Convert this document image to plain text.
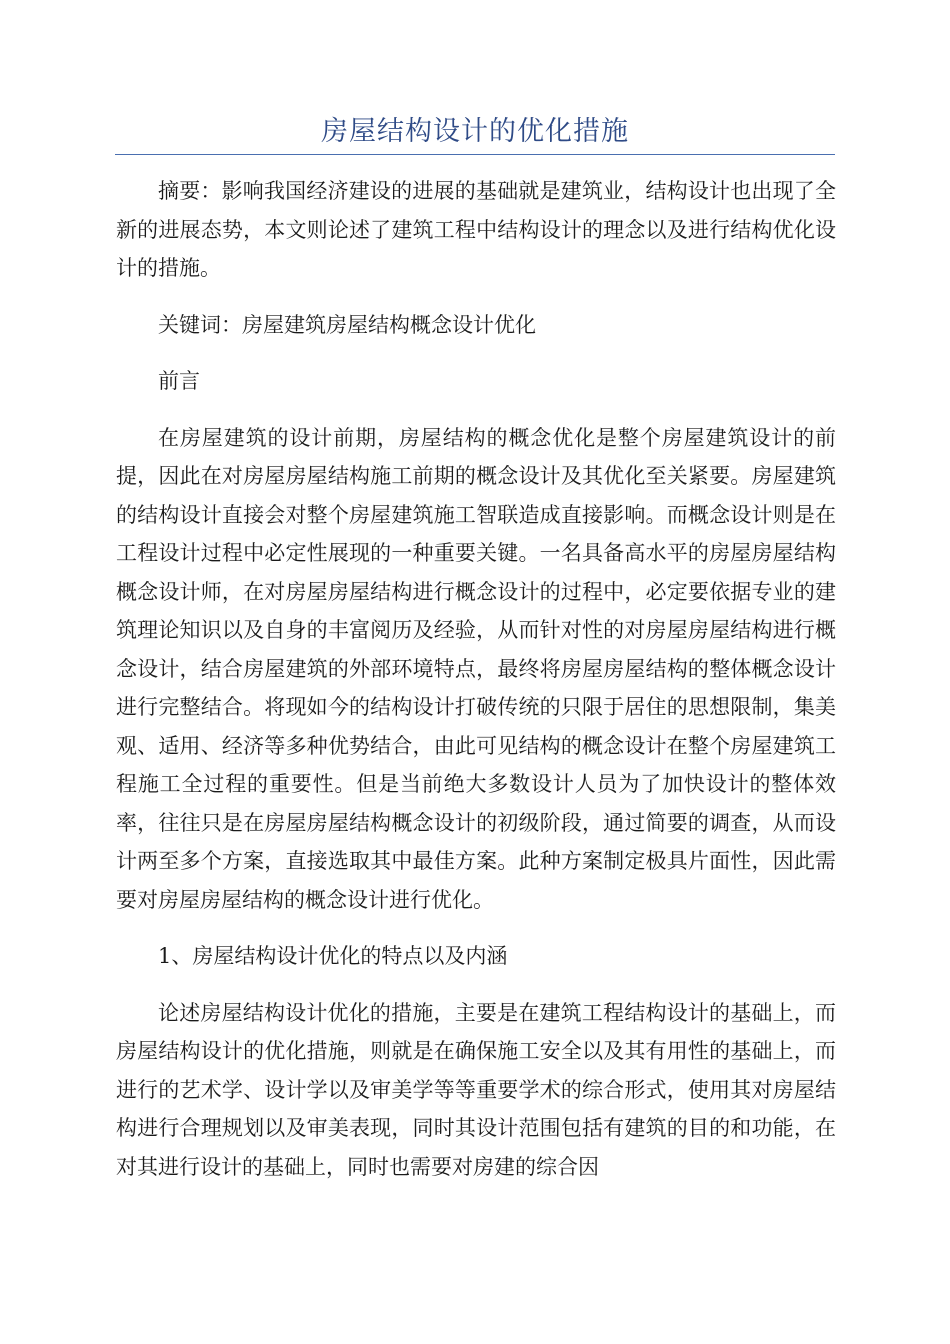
房屋结构设计的优化措施

摘要：影响我国经济建设的进展的基础就是建筑业，结构设计也出现了全新的进展态势，本文则论述了建筑工程中结构设计的理念以及进行结构优化设计的措施。

关键词：房屋建筑房屋结构概念设计优化

前言

在房屋建筑的设计前期，房屋结构的概念优化是整个房屋建筑设计的前提，因此在对房屋房屋结构施工前期的概念设计及其优化至关紧要。房屋建筑的结构设计直接会对整个房屋建筑施工智联造成直接影响。而概念设计则是在工程设计过程中必定性展现的一种重要关键。一名具备高水平的房屋房屋结构概念设计师，在对房屋房屋结构进行概念设计的过程中，必定要依据专业的建筑理论知识以及自身的丰富阅历及经验，从而针对性的对房屋房屋结构进行概念设计，结合房屋建筑的外部环境特点，最终将房屋房屋结构的整体概念设计进行完整结合。将现如今的结构设计打破传统的只限于居住的思想限制，集美观、适用、经济等多种优势结合，由此可见结构的概念设计在整个房屋建筑工程施工全过程的重要性。但是当前绝大多数设计人员为了加快设计的整体效率，往往只是在房屋房屋结构概念设计的初级阶段，通过简要的调查，从而设计两至多个方案，直接选取其中最佳方案。此种方案制定极具片面性，因此需要对房屋房屋结构的概念设计进行优化。

1、房屋结构设计优化的特点以及内涵

论述房屋结构设计优化的措施，主要是在建筑工程结构设计的基础上，而房屋结构设计的优化措施，则就是在确保施工安全以及其有用性的基础上，而进行的艺术学、设计学以及审美学等等重要学术的综合形式，使用其对房屋结构进行合理规划以及审美表现，同时其设计范围包括有建筑的目的和功能，在对其进行设计的基础上，同时也需要对房建的综合因
